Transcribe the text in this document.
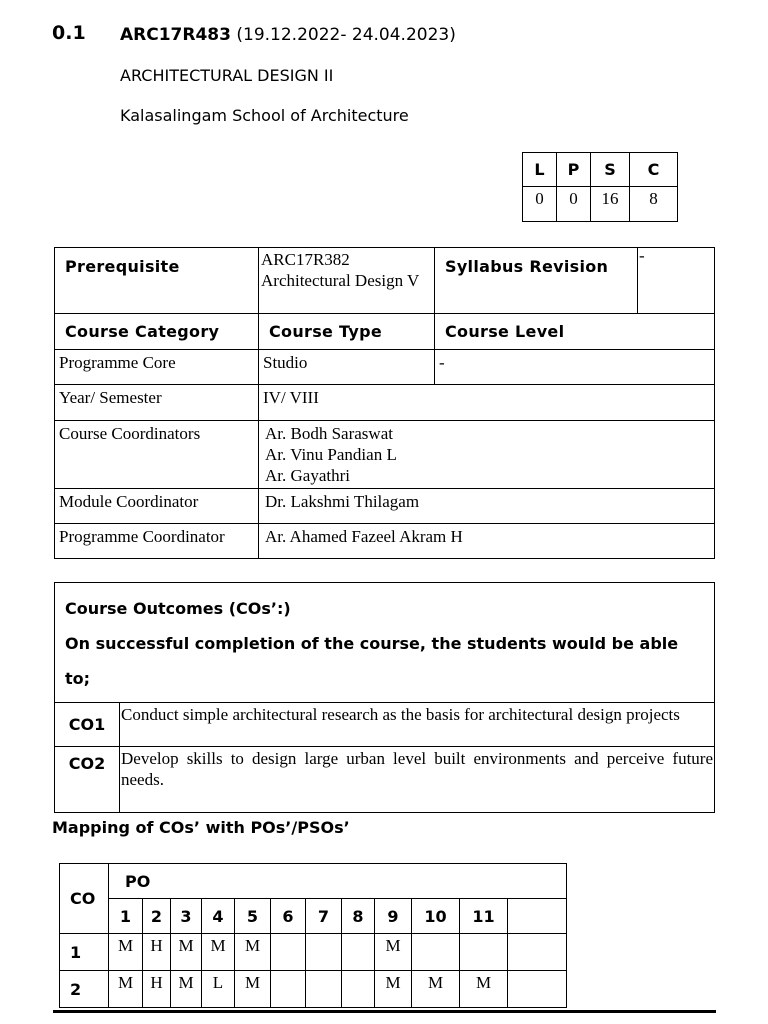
0.1 ARC17R483 (19.12.2022- 24.04.2023)
ARCHITECTURAL DESIGN II
Kalasalingam School of Architecture
L	P	S	C
0	0	16	8
Prerequisite	ARC17R382 Architectural Design V	Syllabus Revision	-
Course Category	Course Type	Course Level	
Programme Core	Studio	-	
Year/ Semester	IV/ VIII		
Course Coordinators	Ar. Bodh Saraswat
Ar. Vinu Pandian L
Ar. Gayathri		

Module Coordinator	Dr. Lakshmi Thilagam		
Programme Coordinator	Ar. Ahamed Fazeel Akram H		
Course Outcomes (COs’:)
On successful completion of the course, the students would be able to;	

CO1	Conduct simple architectural research as the basis for architectural design projects
CO2	Develop skills to design large urban level built environments and perceive future needs.
Mapping of COs’ with POs’/PSOs’
CO	PO											
	1	2	3	4	5	6	7	8	9	10	11	
1	M	H	M	M	M				M			
2	M	H	M	L	M				M	M	M	
